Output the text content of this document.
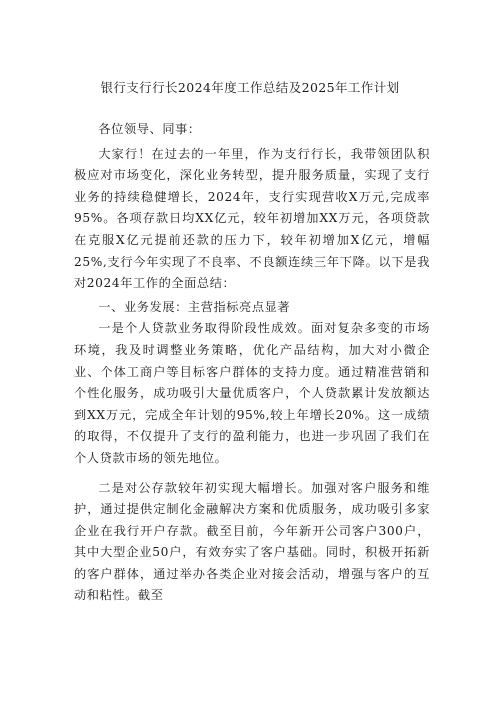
银行支行行长2024年度工作总结及2025年工作计划

各位领导、同事：

大家行！在过去的一年里，作为支行行长，我带领团队积极应对市场变化，深化业务转型，提升服务质量，实现了支行业务的持续稳健增长，2024年，支行实现营收X万元,完成率95%。各项存款日均XX亿元，较年初增加XX万元，各项贷款在克服X亿元提前还款的压力下，较年初增加X亿元，增幅25%,支行今年实现了不良率、不良额连续三年下降。以下是我对2024年工作的全面总结：

一、业务发展：主营指标亮点显著

一是个人贷款业务取得阶段性成效。面对复杂多变的市场环境，我及时调整业务策略，优化产品结构，加大对小微企业、个体工商户等目标客户群体的支持力度。通过精准营销和个性化服务，成功吸引大量优质客户，个人贷款累计发放额达到XX万元，完成全年计划的95%,较上年增长20%。这一成绩的取得，不仅提升了支行的盈利能力，也进一步巩固了我们在个人贷款市场的领先地位。

二是对公存款较年初实现大幅增长。加强对客户服务和维护，通过提供定制化金融解决方案和优质服务，成功吸引多家企业在我行开户存款。截至目前，今年新开公司客户300户，其中大型企业50户，有效夯实了客户基础。同时，积极开拓新的客户群体，通过举办各类企业对接会活动，增强与客户的互动和粘性。截至
